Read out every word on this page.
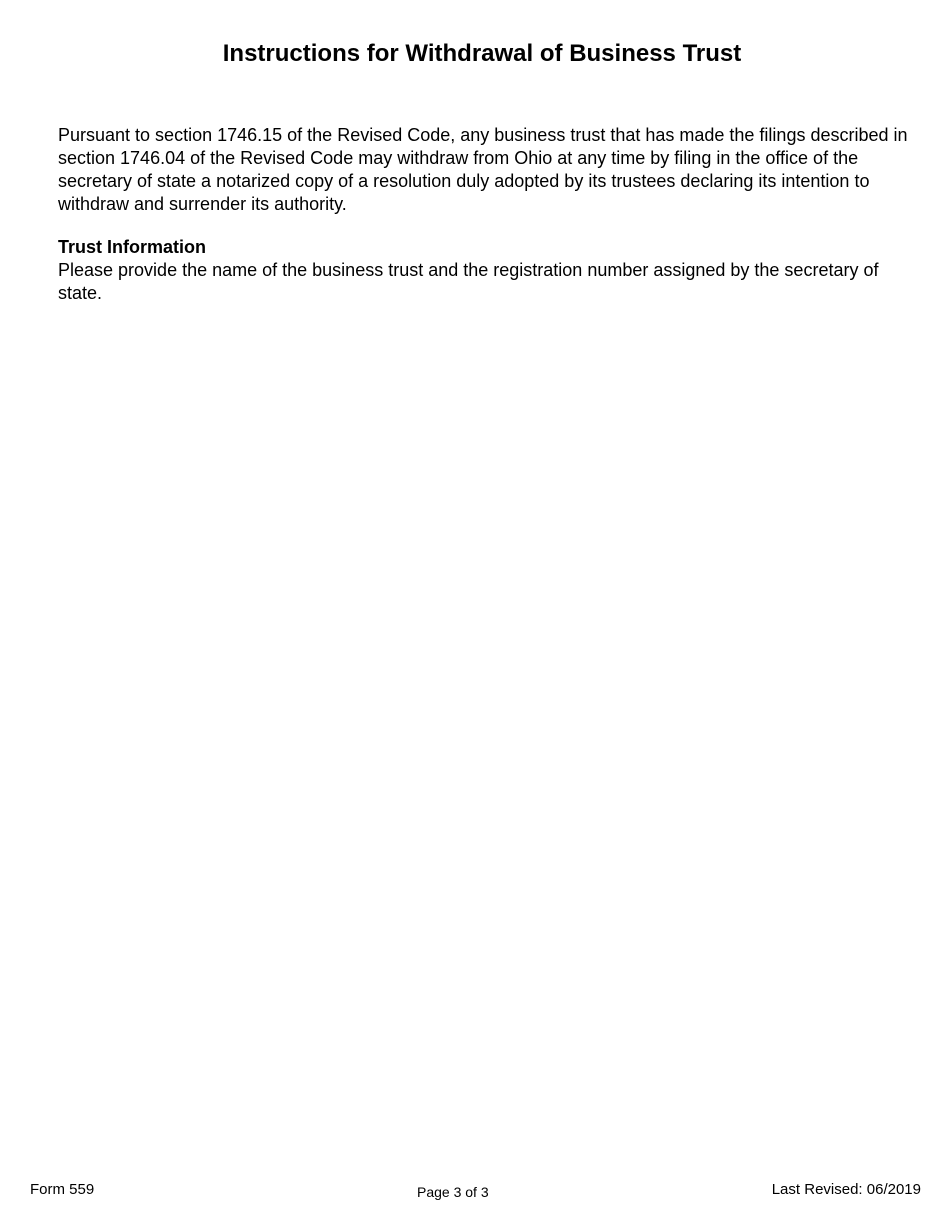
Instructions for Withdrawal of Business Trust

Pursuant to section 1746.15 of the Revised Code, any business trust that has made the filings described in section 1746.04 of the Revised Code may withdraw from Ohio at any time by filing in the office of the secretary of state a notarized copy of a resolution duly adopted by its trustees declaring its intention to withdraw and surrender its authority.

Trust Information

Please provide the name of the business trust and the registration number assigned by the secretary of state.

Form 559	Page 3 of 3	Last Revised: 06/2019
